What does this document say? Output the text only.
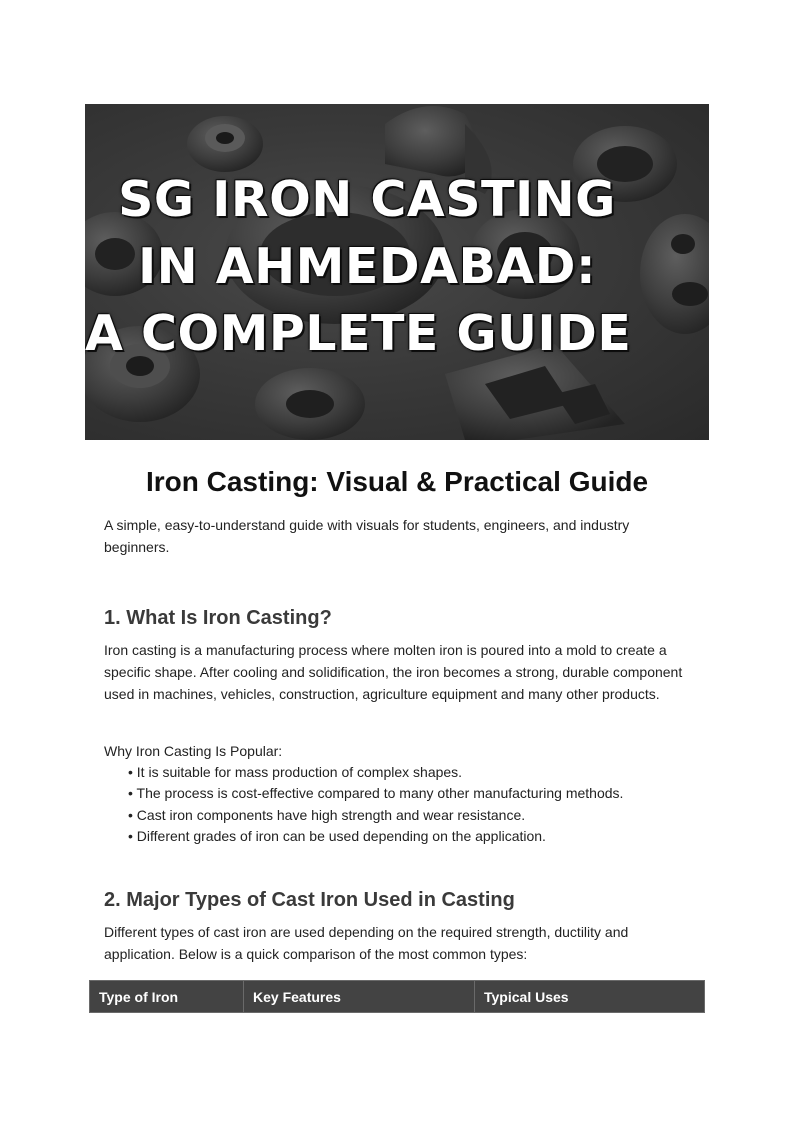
SG IRON CASTING
IN AHMEDABAD:
A COMPLETE GUIDE
Iron Casting: Visual & Practical Guide

A simple, easy-to-understand guide with visuals for students, engineers, and industry beginners.

1. What Is Iron Casting?

Iron casting is a manufacturing process where molten iron is poured into a mold to create a specific shape. After cooling and solidification, the iron becomes a strong, durable component used in machines, vehicles, construction, agriculture equipment and many other products.

Why Iron Casting Is Popular:

• It is suitable for mass production of complex shapes.
• The process is cost-effective compared to many other manufacturing methods.
• Cast iron components have high strength and wear resistance.
• Different grades of iron can be used depending on the application.
2. Major Types of Cast Iron Used in Casting

Different types of cast iron are used depending on the required strength, ductility and application. Below is a quick comparison of the most common types:

Type of Iron	Key Features	Typical Uses
